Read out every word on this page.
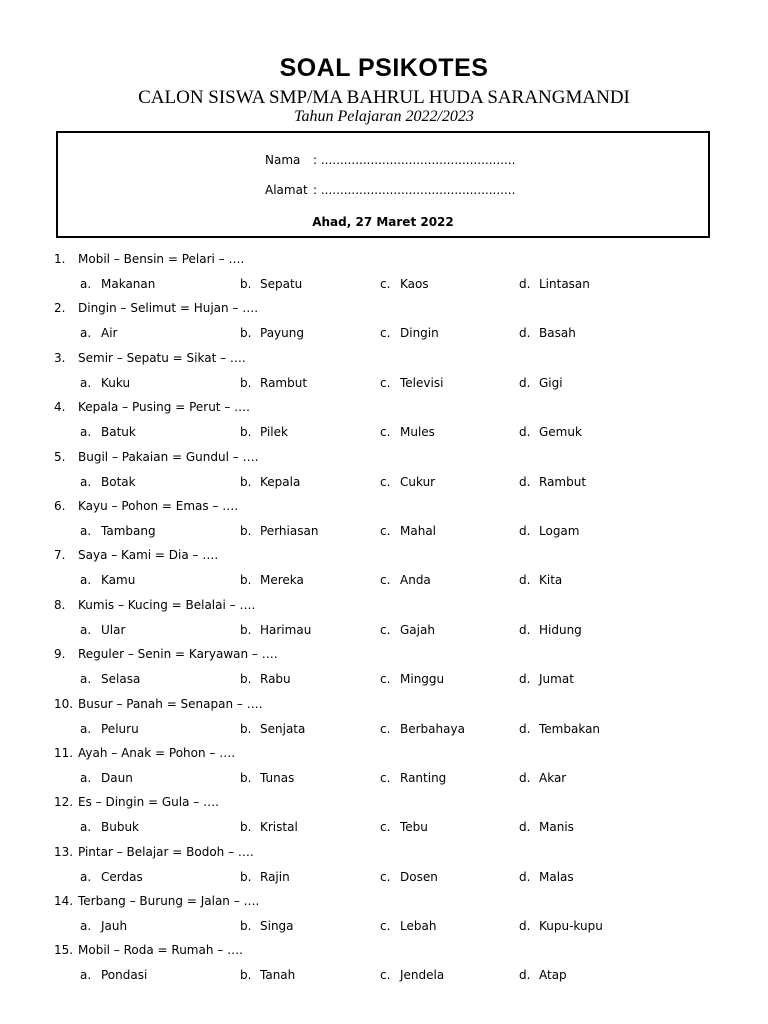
SOAL PSIKOTES
CALON SISWA SMP/MA BAHRUL HUDA SARANGMANDI
Tahun Pelajaran 2022/2023
Nama : ...................................................
Alamat : ...................................................
Ahad, 27 Maret 2022
1. Mobil – Bensin = Pelari – ….
a. Makanan	b. Sepatu	c. Kaos	d. Lintasan
2. Dingin – Selimut = Hujan – ….
a. Air	b. Payung	c. Dingin	d. Basah
3. Semir – Sepatu = Sikat – ….
a. Kuku	b. Rambut	c. Televisi	d. Gigi
4. Kepala – Pusing = Perut – ….
a. Batuk	b. Pilek	c. Mules	d. Gemuk
5. Bugil – Pakaian = Gundul – ….
a. Botak	b. Kepala	c. Cukur	d. Rambut
6. Kayu – Pohon = Emas – ….
a. Tambang	b. Perhiasan	c. Mahal	d. Logam
7. Saya – Kami = Dia – ….
a. Kamu	b. Mereka	c. Anda	d. Kita
8. Kumis – Kucing = Belalai – ….
a. Ular	b. Harimau	c. Gajah	d. Hidung
9. Reguler – Senin = Karyawan – ….
a. Selasa	b. Rabu	c. Minggu	d. Jumat
10. Busur – Panah = Senapan – ….
a. Peluru	b. Senjata	c. Berbahaya	d. Tembakan
11. Ayah – Anak = Pohon – ….
a. Daun	b. Tunas	c. Ranting	d. Akar
12. Es – Dingin = Gula – ….
a. Bubuk	b. Kristal	c. Tebu	d. Manis
13. Pintar – Belajar = Bodoh – ….
a. Cerdas	b. Rajin	c. Dosen	d. Malas
14. Terbang – Burung = Jalan – ….
a. Jauh	b. Singa	c. Lebah	d. Kupu-kupu
15. Mobil – Roda = Rumah – ….
a. Pondasi	b. Tanah	c. Jendela	d. Atap
